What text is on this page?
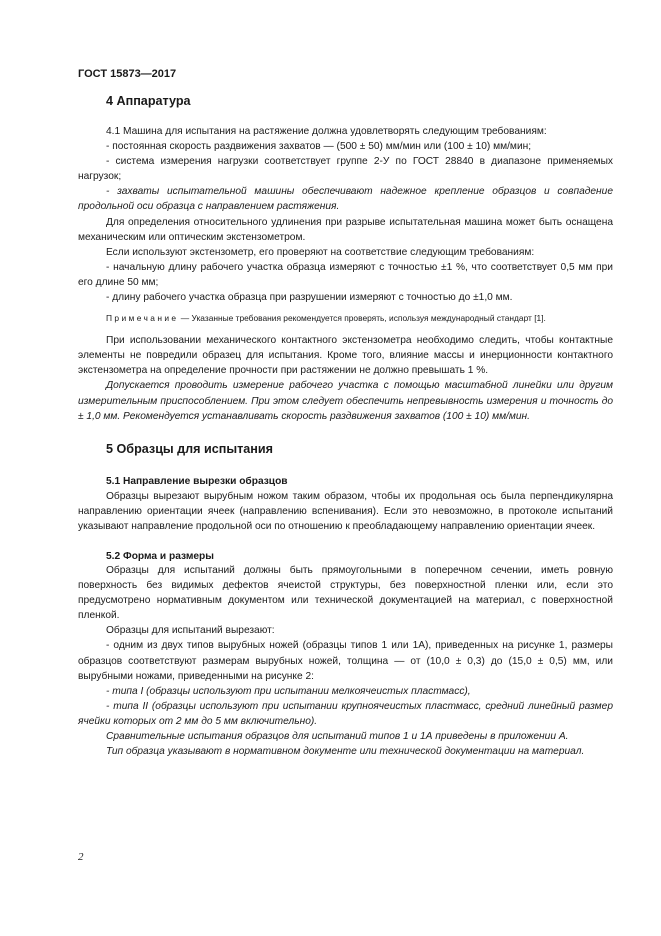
ГОСТ 15873—2017
4 Аппаратура

4.1 Машина для испытания на растяжение должна удовлетворять следующим требованиям:

- постоянная скорость раздвижения захватов — (500 ± 50) мм/мин или (100 ± 10) мм/мин;

- система измерения нагрузки соответствует группе 2-У по ГОСТ 28840 в диапазоне применяемых нагрузок;

- захваты испытательной машины обеспечивают надежное крепление образцов и совпадение продольной оси образца с направлением растяжения.

Для определения относительного удлинения при разрыве испытательная машина может быть оснащена механическим или оптическим экстензометром.

Если используют экстензометр, его проверяют на соответствие следующим требованиям:

- начальную длину рабочего участка образца измеряют с точностью ±1 %, что соответствует 0,5 мм при его длине 50 мм;

- длину рабочего участка образца при разрушении измеряют с точностью до ±1,0 мм.

Примечание — Указанные требования рекомендуется проверять, используя международный стандарт [1].

При использовании механического контактного экстензометра необходимо следить, чтобы контактные элементы не повредили образец для испытания. Кроме того, влияние массы и инерционности контактного экстензометра на определение прочности при растяжении не должно превышать 1 %.

Допускается проводить измерение рабочего участка с помощью масштабной линейки или другим измерительным приспособлением. При этом следует обеспечить непревывность измерения и точность до ± 1,0 мм. Рекомендуется устанавливать скорость раздвижения захватов (100 ± 10) мм/мин.

5 Образцы для испытания
5.1 Направление вырезки образцов

Образцы вырезают вырубным ножом таким образом, чтобы их продольная ось была перпендикулярна направлению ориентации ячеек (направлению вспенивания). Если это невозможно, в протоколе испытаний указывают направление продольной оси по отношению к преобладающему направлению ориентации ячеек.

5.2 Форма и размеры

Образцы для испытаний должны быть прямоугольными в поперечном сечении, иметь ровную поверхность без видимых дефектов ячеистой структуры, без поверхностной пленки или, если это предусмотрено нормативным документом или технической документацией на материал, с поверхностной пленкой.

Образцы для испытаний вырезают:

- одним из двух типов вырубных ножей (образцы типов 1 или 1А), приведенных на рисунке 1, размеры образцов соответствуют размерам вырубных ножей, толщина — от (10,0 ± 0,3) до (15,0 ± 0,5) мм, или вырубными ножами, приведенными на рисунке 2:

- типа I (образцы используют при испытании мелкоячеистых пластмасс),

- типа II (образцы используют при испытании крупноячеистых пластмасс, средний линейный размер ячейки которых от 2 мм до 5 мм включительно).

Сравнительные испытания образцов для испытаний типов 1 и 1А приведены в приложении А.

Тип образца указывают в нормативном документе или технической документации на материал.

2
